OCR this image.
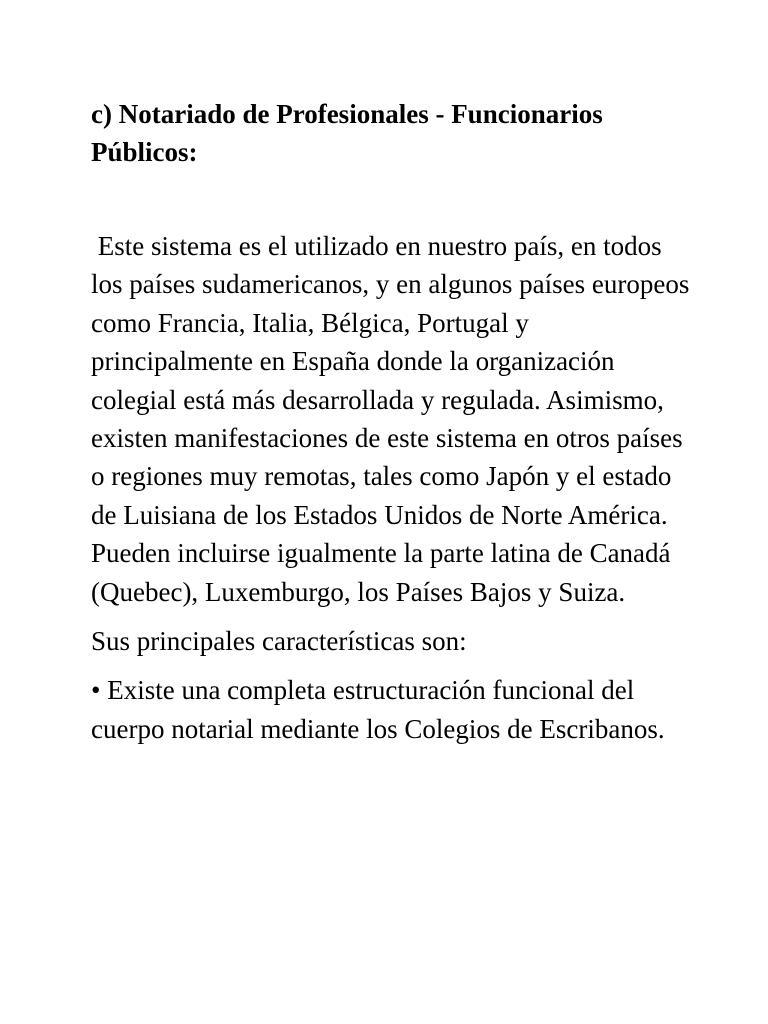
c) Notariado de Profesionales - Funcionarios Públicos:

Este sistema es el utilizado en nuestro país, en todos los países sudamericanos, y en algunos países europeos como Francia, Italia, Bélgica, Portugal y principalmente en España donde la organización colegial está más desarrollada y regulada. Asimismo, existen manifestaciones de este sistema en otros países o regiones muy remotas, tales como Japón y el estado de Luisiana de los Estados Unidos de Norte América. Pueden incluirse igualmente la parte latina de Canadá (Quebec), Luxemburgo, los Países Bajos y Suiza.

Sus principales características son:

• Existe una completa estructuración funcional del cuerpo notarial mediante los Colegios de Escribanos.
